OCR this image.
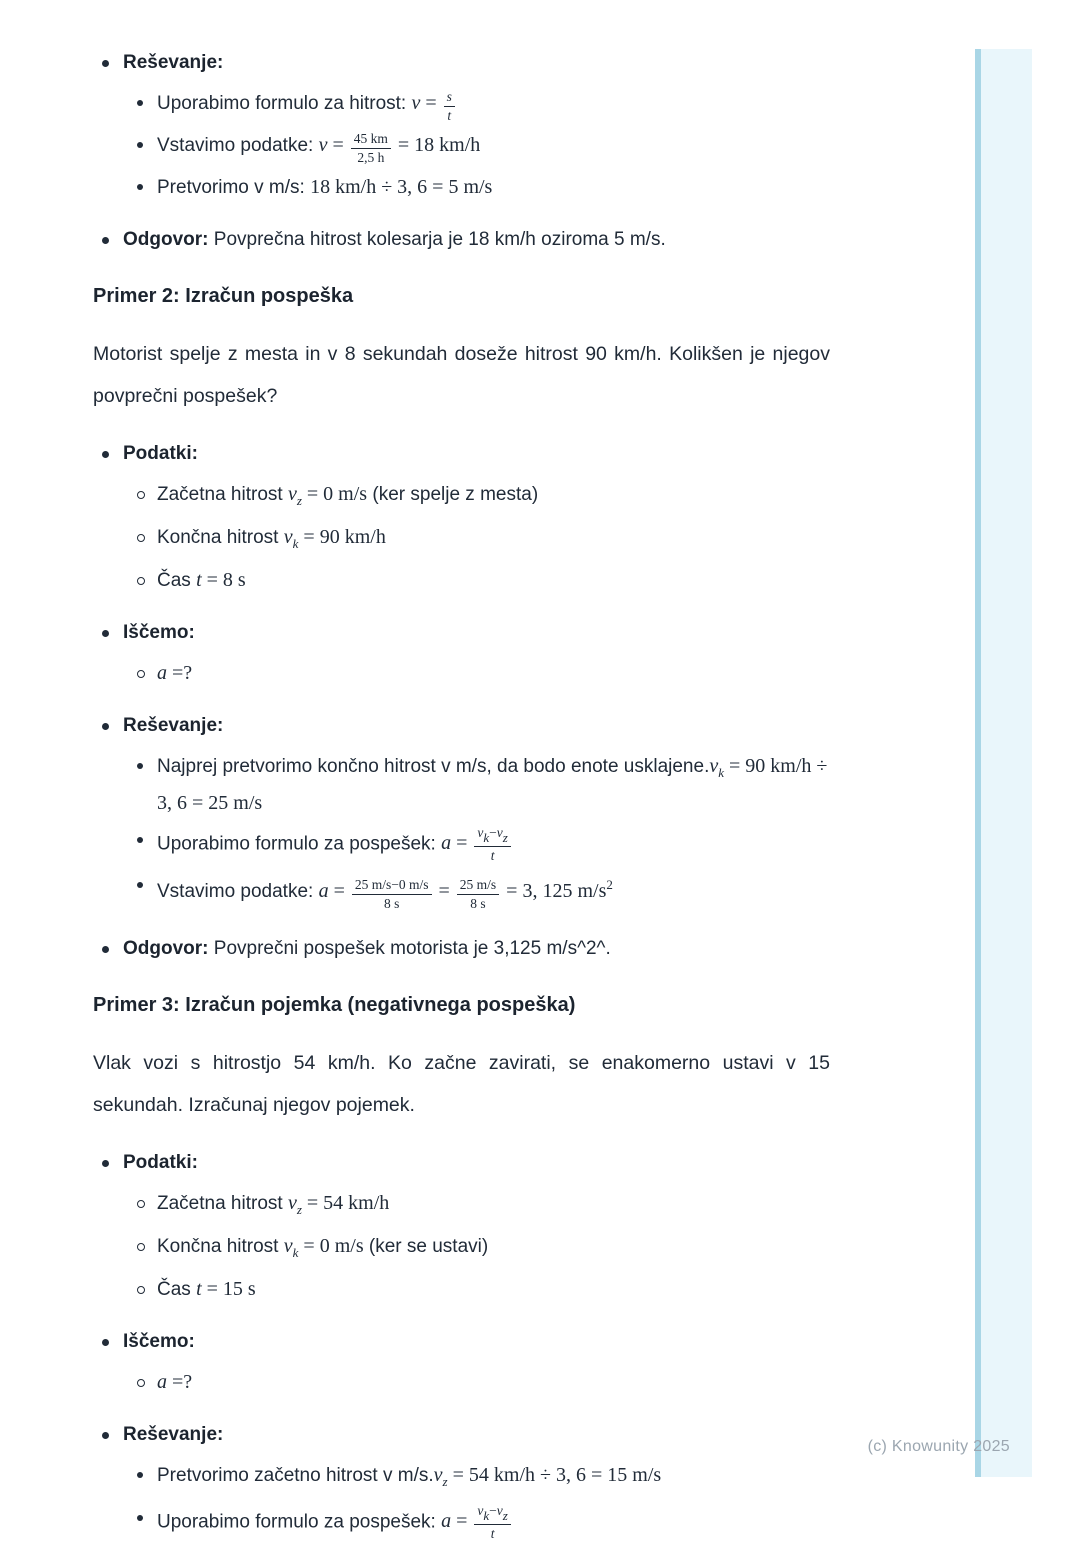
(c) Knowunity 2025
Reševanje:
Uporabimo formulo za hitrost: $v = \frac{s}{t}$
Vstavimo podatke: $v = \frac{45 km}{2,5 h} = 18$ km/h
Pretvorimo v m/s: 18 km/h ÷ 3, 6 = 5 m/s
Odgovor: Povprečna hitrost kolesarja je 18 km/h oziroma 5 m/s.
Primer 2: Izračun pospeška
Motorist spelje z mesta in v 8 sekundah doseže hitrost 90 km/h. Kolikšen je njegov povprečni pospešek?
Podatki:
Začetna hitrost $v_z = 0$ m/s (ker spelje z mesta)
Končna hitrost $v_k = 90$ km/h
Čas t = 8 s
Iščemo:
a =?
Reševanje:
Najprej pretvorimo končno hitrost v m/s, da bodo enote $usklajene.v_k = 90$ km/h ÷ 3, 6 = 25 m/s
Uporabimo formulo za pospešek: $a = \frac{vk-vz}{t}$
Vstavimo podatke: $a = \frac{25 m/s-0 m/s}{8 s} = \frac{25 m/s}{8 s} = 3$, 125 $m/s^2$
Odgovor: Povprečni pospešek motorista je 3,125 m/s^2^.
Primer 3: Izračun pojemka (negativnega pospeška)
Vlak vozi s hitrostjo 54 km/h. Ko začne zavirati, se enakomerno ustavi v 15 sekundah. Izračunaj njegov pojemek.
Podatki:
Začetna hitrost $v_z = 54$ km/h
Končna hitrost $v_k = 0$ m/s (ker se ustavi)
Čas t = 15 s
Iščemo:
a =?
Reševanje:
Pretvorimo začetno hitrost v $m/s.v_z = 54$ km/h ÷ 3, 6 = 15 m/s
Uporabimo formulo za pospešek: $a = \frac{vk-vz}{t}$
